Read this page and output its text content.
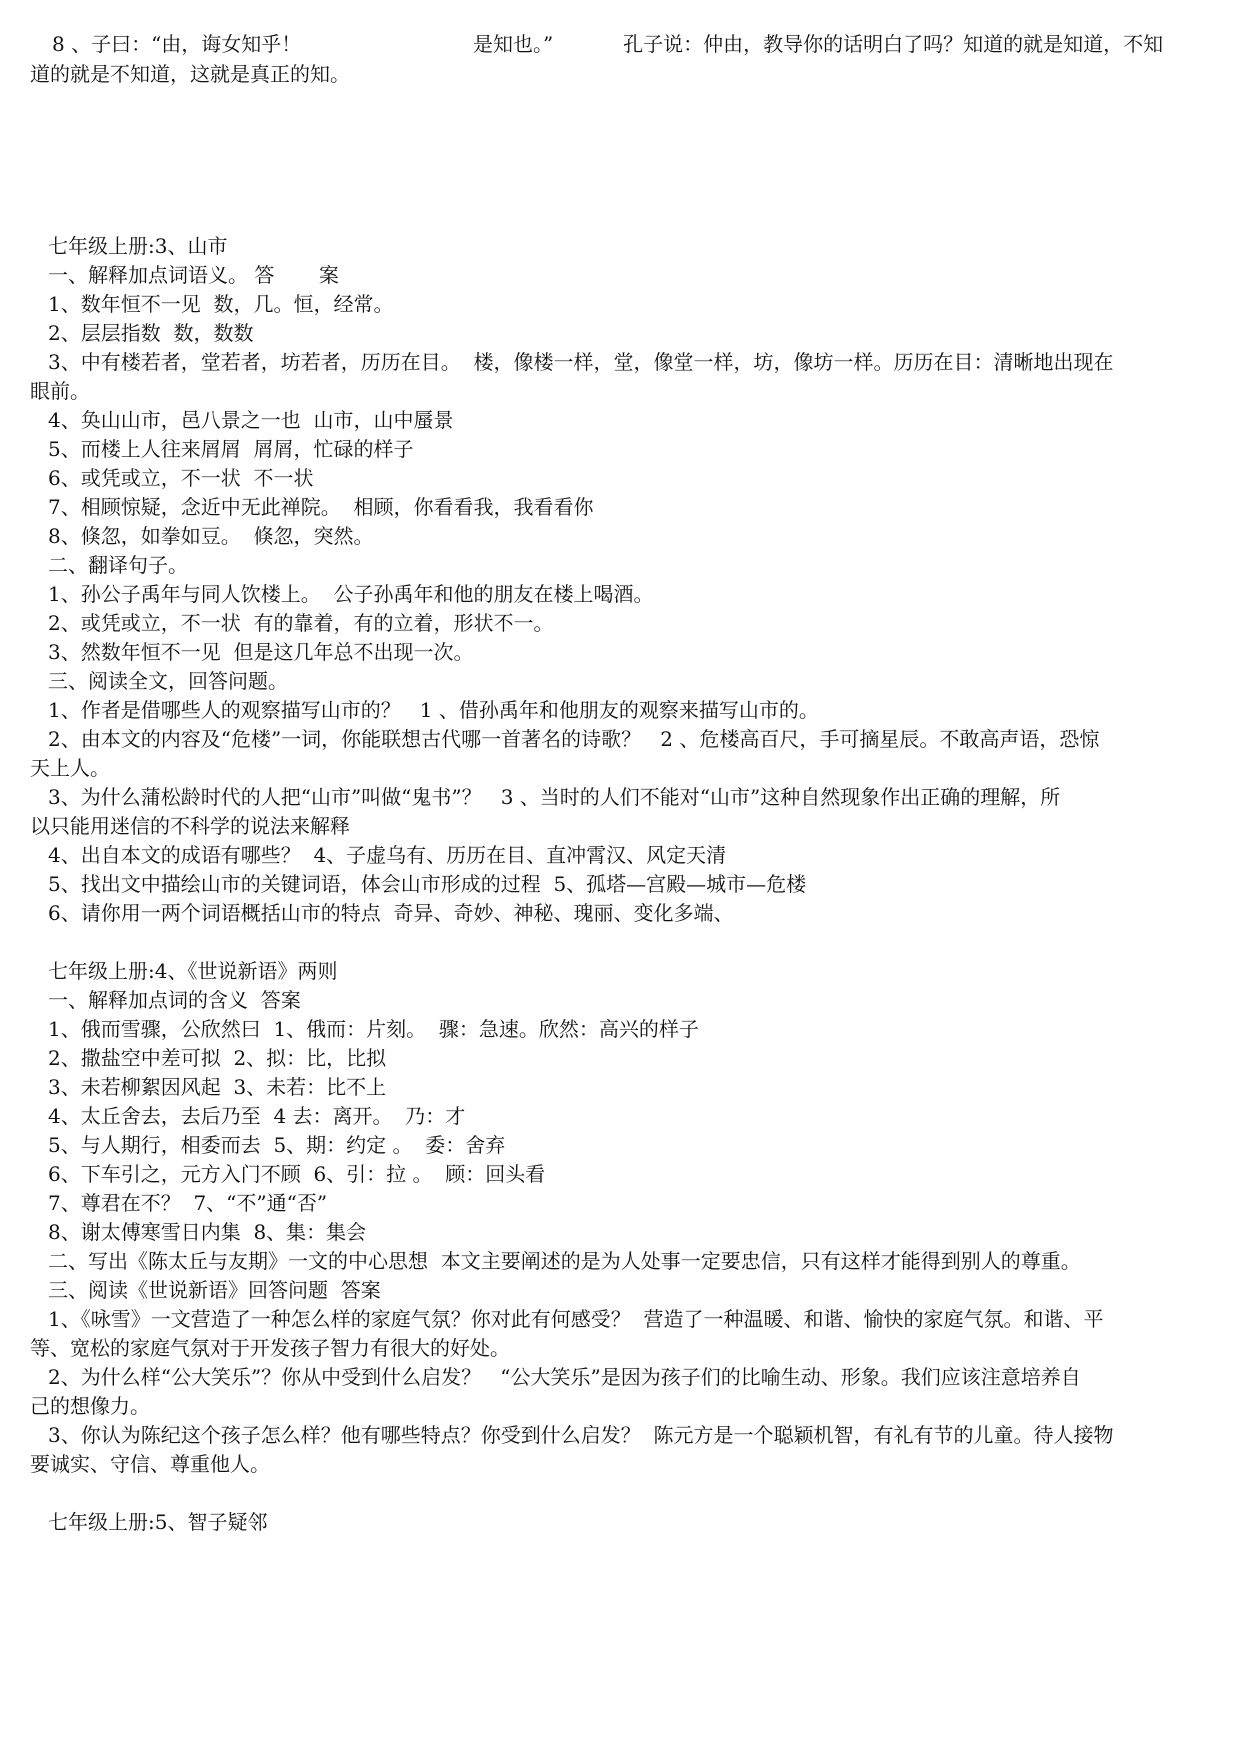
8 、子曰：“由，诲女知乎！                           是知也。”           孔子说：仲由，教导你的话明白了吗？知道的就是知道，不知
道的就是不知道，这就是真正的知。
七年级上册:3、山市
一、解释加点词语义。 答       案
1、数年恒不一见  数，几。恒，经常。
2、层层指数  数，数数
3、中有楼若者，堂若者，坊若者，历历在目。  楼，像楼一样，堂，像堂一样，坊，像坊一样。历历在目：清晰地出现在
眼前。
4、奂山山市，邑八景之一也  山市，山中蜃景
5、而楼上人往来屑屑  屑屑，忙碌的样子
6、或凭或立，不一状  不一状
7、相顾惊疑，念近中无此禅院。  相顾，你看看我，我看看你
8、倏忽，如拳如豆。  倏忽，突然。
二、翻译句子。
1、孙公子禹年与同人饮楼上。  公子孙禹年和他的朋友在楼上喝酒。
2、或凭或立，不一状  有的靠着，有的立着，形状不一。
3、然数年恒不一见  但是这几年总不出现一次。
三、阅读全文，回答问题。
1、作者是借哪些人的观察描写山市的？   1 、借孙禹年和他朋友的观察来描写山市的。
2、由本文的内容及“危楼”一词，你能联想古代哪一首著名的诗歌？   2 、危楼高百尺，手可摘星辰。不敢高声语，恐惊
天上人。
3、为什么蒲松龄时代的人把“山市”叫做“鬼书”？   3 、当时的人们不能对“山市”这种自然现象作出正确的理解，所
以只能用迷信的不科学的说法来解释
4、出自本文的成语有哪些？  4、子虚乌有、历历在目、直冲霄汉、风定天清
5、找出文中描绘山市的关键词语，体会山市形成的过程  5、孤塔—宫殿—城市—危楼
6、请你用一两个词语概括山市的特点  奇异、奇妙、神秘、瑰丽、变化多端、
七年级上册:4、《世说新语》两则
一、解释加点词的含义  答案
1、俄而雪骤，公欣然曰  1、俄而：片刻。  骤：急速。欣然：高兴的样子
2、撒盐空中差可拟  2、拟：比，比拟
3、未若柳絮因风起  3、未若：比不上
4、太丘舍去，去后乃至  4 去：离开。  乃：才
5、与人期行，相委而去  5、期：约定 。  委：舍弃
6、下车引之，元方入门不顾  6、引：拉 。  顾：回头看
7、尊君在不？  7、“不”通“否”
8、谢太傅寒雪日内集  8、集：集会
二、写出《陈太丘与友期》一文的中心思想  本文主要阐述的是为人处事一定要忠信，只有这样才能得到别人的尊重。
三、阅读《世说新语》回答问题  答案
1、《咏雪》一文营造了一种怎么样的家庭气氛？你对此有何感受？  营造了一种温暖、和谐、愉快的家庭气氛。和谐、平
等、宽松的家庭气氛对于开发孩子智力有很大的好处。
2、为什么样“公大笑乐”？你从中受到什么启发？   “公大笑乐”是因为孩子们的比喻生动、形象。我们应该注意培养自
己的想像力。
3、你认为陈纪这个孩子怎么样？他有哪些特点？你受到什么启发？  陈元方是一个聪颖机智，有礼有节的儿童。待人接物
要诚实、守信、尊重他人。
七年级上册:5、智子疑邻
